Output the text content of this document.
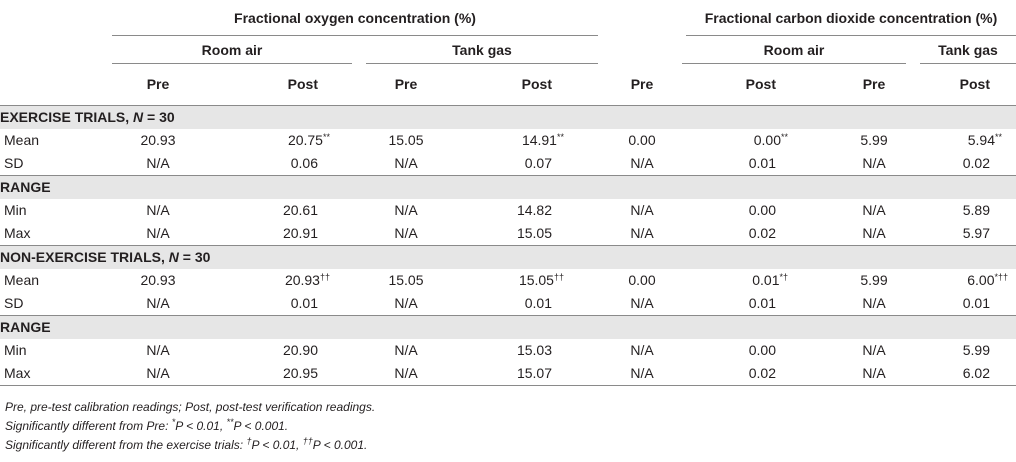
	Fractional oxygen concentration (%)					Fractional carbon dioxide concentration (%)		

	Room air		Tank gas			Room air		Tank gas

	Pre	Post	Pre	Post	Pre	Post	Pre	Post
EXERCISE TRIALS, N = 30								
Mean	20.93	20.75**	15.05	14.91**	0.00	0.00**	5.99	5.94**
SD	N/A	0.06	N/A	0.07	N/A	0.01	N/A	0.02
RANGE								
Min	N/A	20.61	N/A	14.82	N/A	0.00	N/A	5.89
Max	N/A	20.91	N/A	15.05	N/A	0.02	N/A	5.97
NON-EXERCISE TRIALS, N = 30								
Mean	20.93	20.93††	15.05	15.05††	0.00	0.01*†	5.99	6.00*††
SD	N/A	0.01	N/A	0.01	N/A	0.01	N/A	0.01
RANGE								
Min	N/A	20.90	N/A	15.03	N/A	0.00	N/A	5.99
Max	N/A	20.95	N/A	15.07	N/A	0.02	N/A	6.02
Pre, pre-test calibration readings; Post, post-test verification readings.
Significantly different from Pre: *P < 0.01, **P < 0.001.
Significantly different from the exercise trials: †P < 0.01, ††P < 0.001.
